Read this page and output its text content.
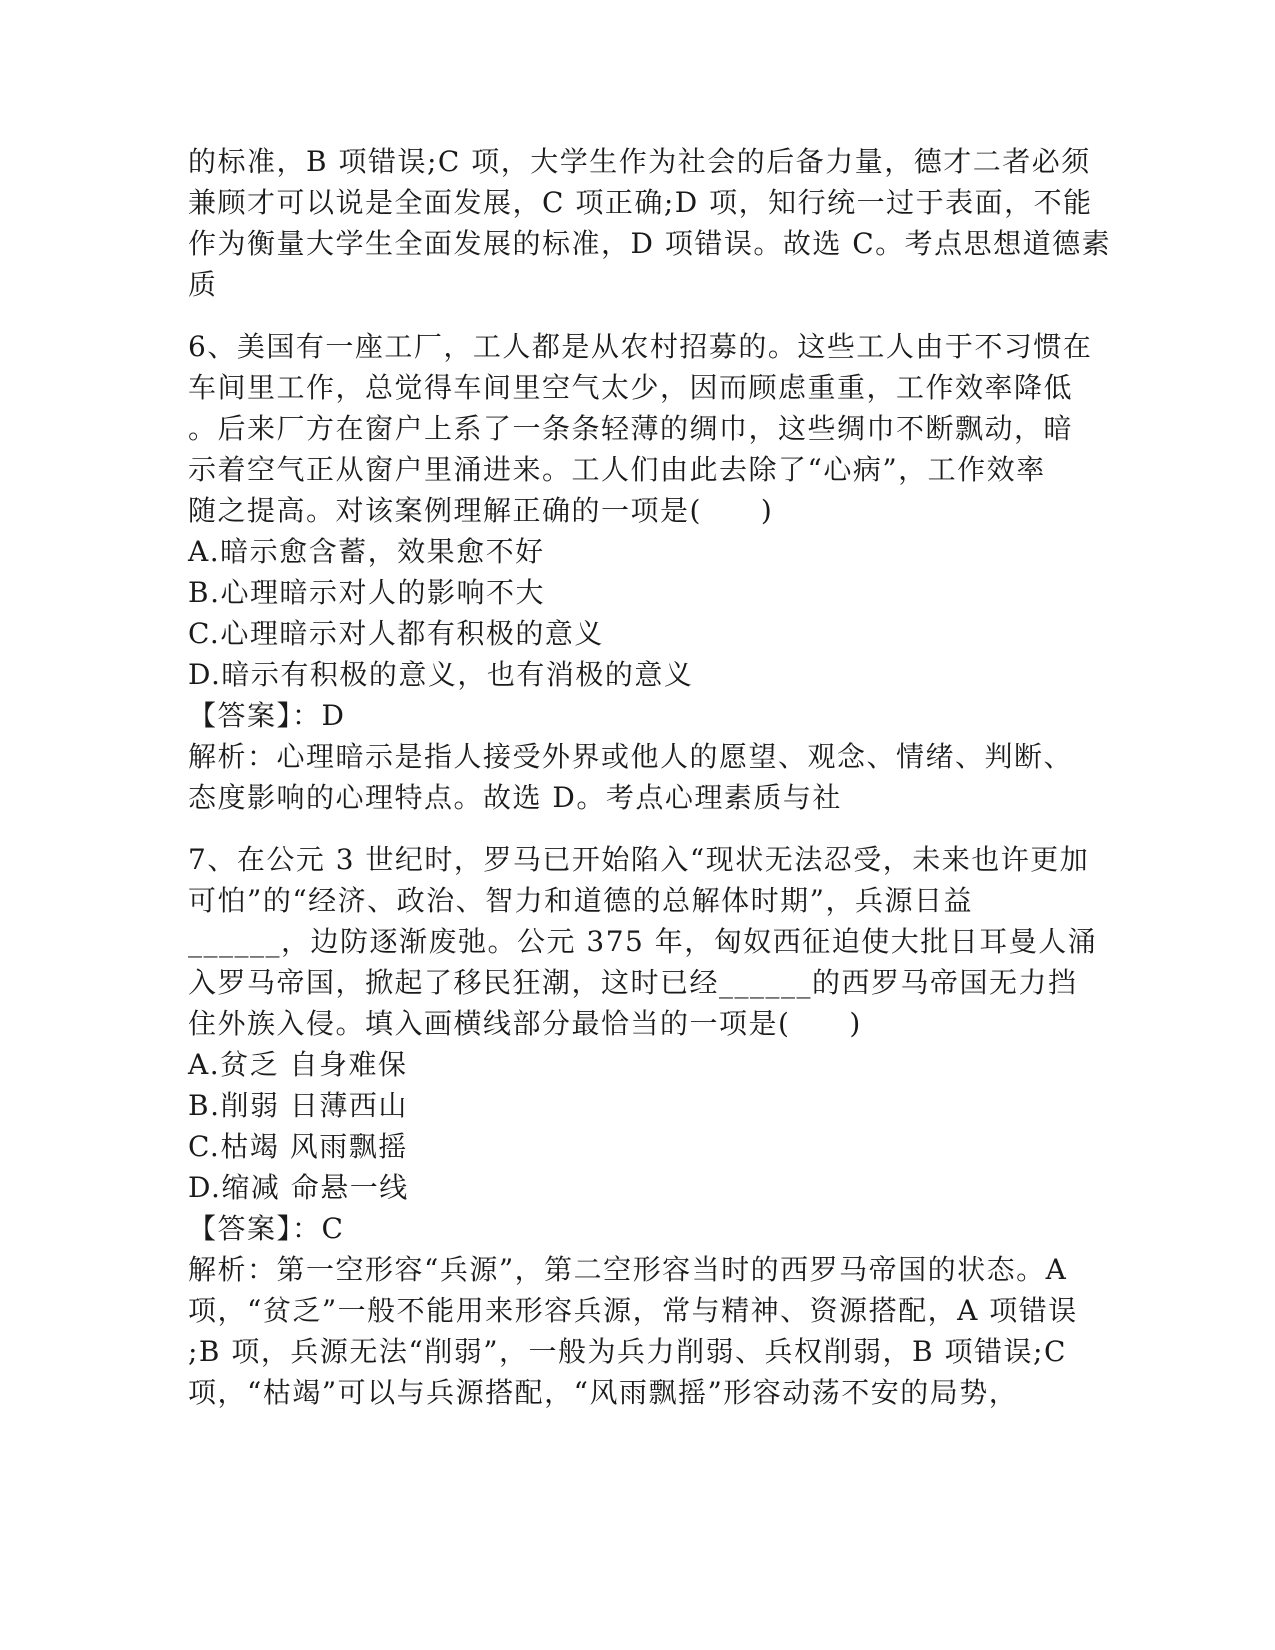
的标准，B 项错误;C 项，大学生作为社会的后备力量，德才二者必须

兼顾才可以说是全面发展，C 项正确;D 项，知行统一过于表面，不能

作为衡量大学生全面发展的标准，D 项错误。故选 C。考点思想道德素

质

6、美国有一座工厂，工人都是从农村招募的。这些工人由于不习惯在

车间里工作，总觉得车间里空气太少，因而顾虑重重，工作效率降低

。后来厂方在窗户上系了一条条轻薄的绸巾，这些绸巾不断飘动，暗

示着空气正从窗户里涌进来。工人们由此去除了“心病”，工作效率

随之提高。对该案例理解正确的一项是(　　)

A.暗示愈含蓄，效果愈不好

B.心理暗示对人的影响不大

C.心理暗示对人都有积极的意义

D.暗示有积极的意义，也有消极的意义

【答案】：D

解析：心理暗示是指人接受外界或他人的愿望、观念、情绪、判断、

态度影响的心理特点。故选 D。考点心理素质与社

7、在公元 3 世纪时，罗马已开始陷入“现状无法忍受，未来也许更加

可怕”的“经济、政治、智力和道德的总解体时期”，兵源日益

______，边防逐渐废弛。公元 375 年，匈奴西征迫使大批日耳曼人涌

入罗马帝国，掀起了移民狂潮，这时已经______的西罗马帝国无力挡

住外族入侵。填入画横线部分最恰当的一项是(　　)

A.贫乏 自身难保

B.削弱 日薄西山

C.枯竭 风雨飘摇

D.缩减 命悬一线

【答案】：C

解析：第一空形容“兵源”，第二空形容当时的西罗马帝国的状态。A

项，“贫乏”一般不能用来形容兵源，常与精神、资源搭配，A 项错误

;B 项，兵源无法“削弱”，一般为兵力削弱、兵权削弱，B 项错误;C

项，“枯竭”可以与兵源搭配，“风雨飘摇”形容动荡不安的局势，
